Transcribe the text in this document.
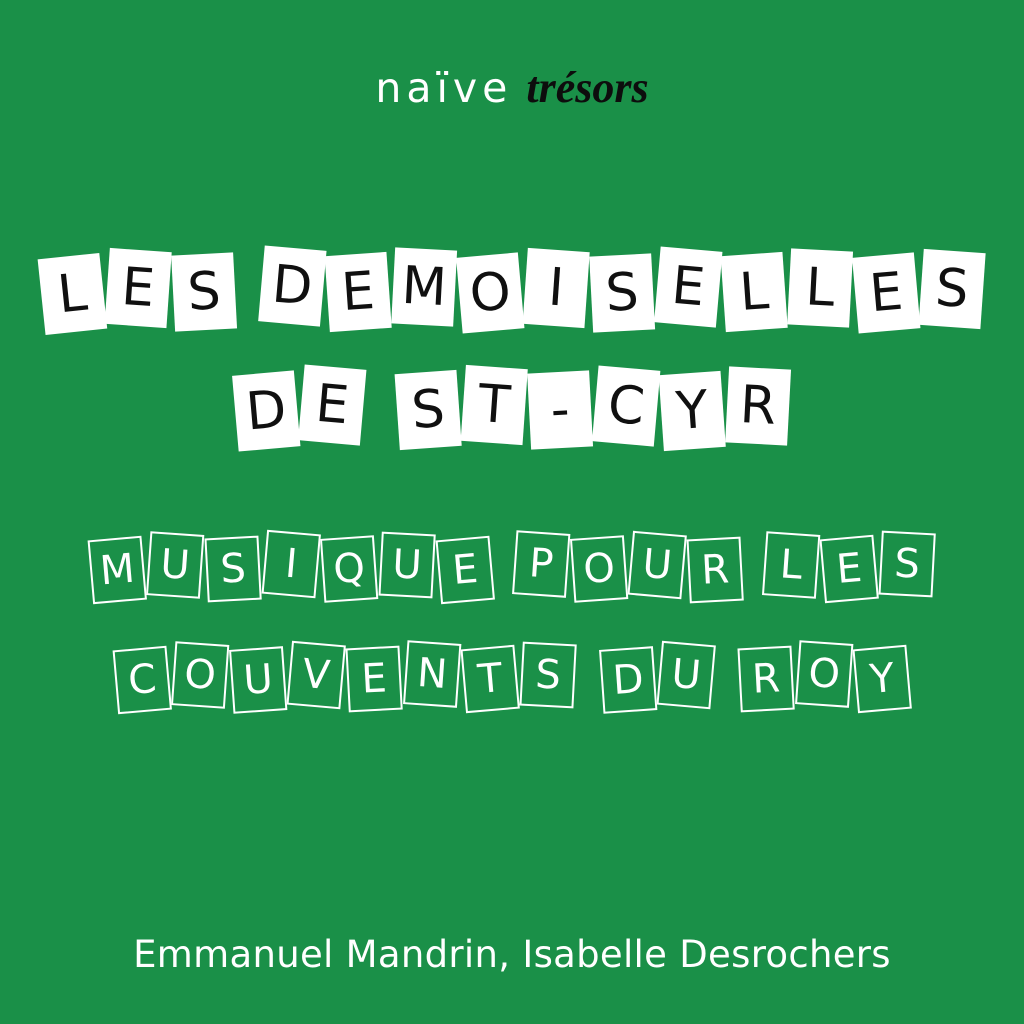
naïve trésors
L E S D E M O I S E L L E S
D E S T - C Y R
M U S I Q U E	P O U R	L E S
C O U V E N T S	D U	R O Y
Emmanuel Mandrin, Isabelle Desrochers
